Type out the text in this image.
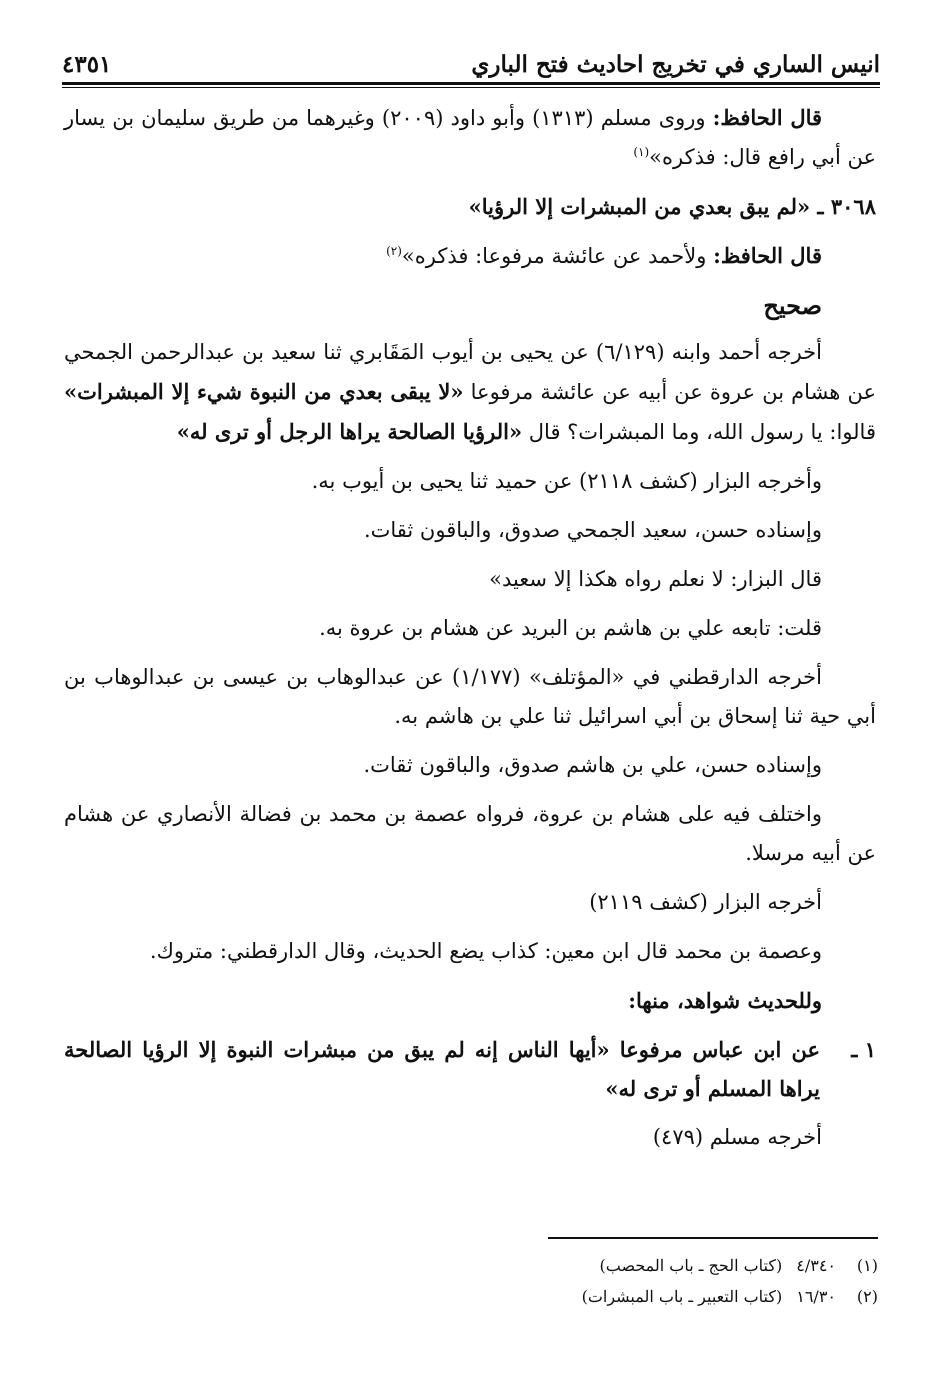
انيس الساري في تخريج احاديث فتح الباري
٤٣٥١

قال الحافظ: وروى مسلم (١٣١٣) وأبو داود (٢٠٠٩) وغيرهما من طريق سليمان بن يسار عن أبي رافع قال: فذكره»$^{(١)}$

٣٠٦٨ ـ «لم يبق بعدي من المبشرات إلا الرؤيا»

قال الحافظ: ولأحمد عن عائشة مرفوعا: فذكره»$^{(٢)}$

صحيح

أخرجه أحمد وابنه (٦/١٢٩) عن يحيى بن أيوب المَقَابري ثنا سعيد بن عبدالرحمن الجمحي عن هشام بن عروة عن أبيه عن عائشة مرفوعا «لا يبقى بعدي من النبوة شيء إلا المبشرات» قالوا: يا رسول الله، وما المبشرات؟ قال «الرؤيا الصالحة يراها الرجل أو ترى له»

وأخرجه البزار (كشف ٢١١٨) عن حميد ثنا يحيى بن أيوب به.

وإسناده حسن، سعيد الجمحي صدوق، والباقون ثقات.

قال البزار: لا نعلم رواه هكذا إلا سعيد»

قلت: تابعه علي بن هاشم بن البريد عن هشام بن عروة به.

أخرجه الدارقطني في «المؤتلف» (١/١٧٧) عن عبدالوهاب بن عيسى بن عبدالوهاب بن أبي حية ثنا إسحاق بن أبي اسرائيل ثنا علي بن هاشم به.

وإسناده حسن، علي بن هاشم صدوق، والباقون ثقات.

واختلف فيه على هشام بن عروة، فرواه عصمة بن محمد بن فضالة الأنصاري عن هشام عن أبيه مرسلا.

أخرجه البزار (كشف ٢١١٩)

وعصمة بن محمد قال ابن معين: كذاب يضع الحديث، وقال الدارقطني: متروك.

وللحديث شواهد، منها:

١ ـ
عن ابن عباس مرفوعا «أيها الناس إنه لم يبق من مبشرات النبوة إلا الرؤيا الصالحة يراها المسلم أو ترى له»

أخرجه مسلم (٤٧٩)

(١)
٤/٣٤٠
(كتاب الحج ـ باب المحصب)
(٢)
١٦/٣٠
(كتاب التعبير ـ باب المبشرات)
